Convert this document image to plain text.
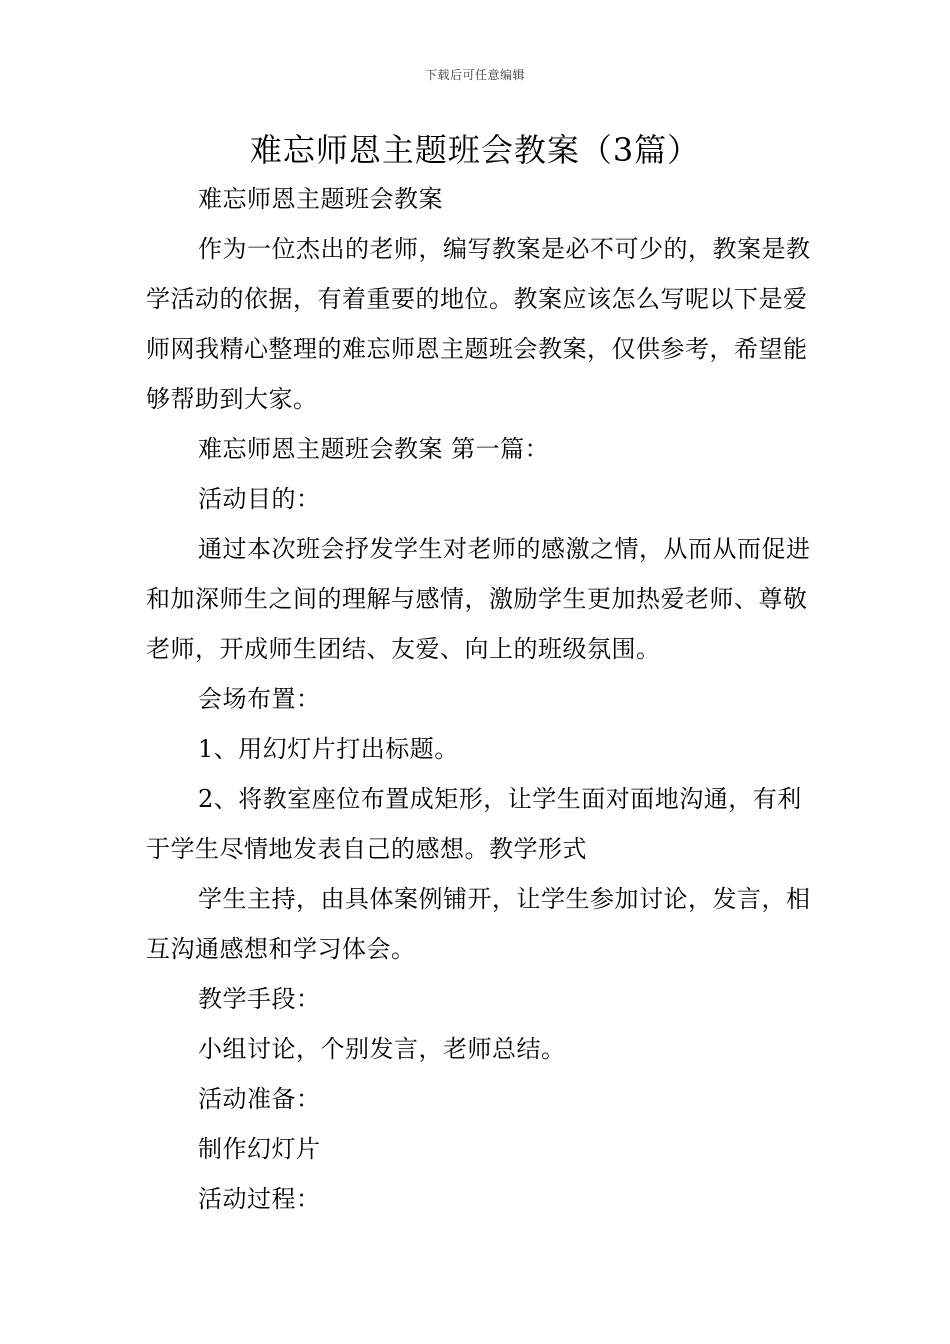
下载后可任意编辑
难忘师恩主题班会教案（3篇）

难忘师恩主题班会教案

作为一位杰出的老师，编写教案是必不可少的，教案是教学活动的依据，有着重要的地位。教案应该怎么写呢以下是爱师网我精心整理的难忘师恩主题班会教案，仅供参考，希望能够帮助到大家。

难忘师恩主题班会教案 第一篇：

活动目的：

通过本次班会抒发学生对老师的感激之情，从而从而促进和加深师生之间的理解与感情，激励学生更加热爱老师、尊敬老师，开成师生团结、友爱、向上的班级氛围。

会场布置：

1、用幻灯片打出标题。

2、将教室座位布置成矩形，让学生面对面地沟通，有利于学生尽情地发表自己的感想。教学形式

学生主持，由具体案例铺开，让学生参加讨论，发言，相互沟通感想和学习体会。

教学手段：

小组讨论，个别发言，老师总结。

活动准备：

制作幻灯片

活动过程：
